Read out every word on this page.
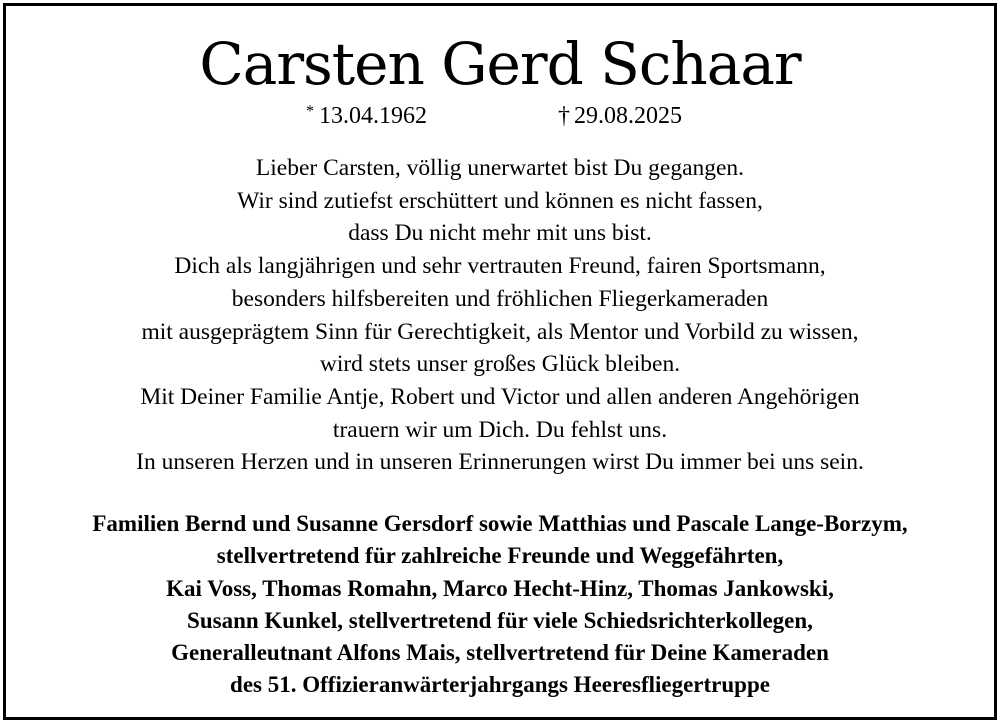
Carsten Gerd Schaar
* 13.04.1962	† 29.08.2025
Lieber Carsten, völlig unerwartet bist Du gegangen.
Wir sind zutiefst erschüttert und können es nicht fassen,
dass Du nicht mehr mit uns bist.
Dich als langjährigen und sehr vertrauten Freund, fairen Sportsmann,
besonders hilfsbereiten und fröhlichen Fliegerkameraden
mit ausgeprägtem Sinn für Gerechtigkeit, als Mentor und Vorbild zu wissen,
wird stets unser großes Glück bleiben.
Mit Deiner Familie Antje, Robert und Victor und allen anderen Angehörigen
trauern wir um Dich. Du fehlst uns.
In unseren Herzen und in unseren Erinnerungen wirst Du immer bei uns sein.
Familien Bernd und Susanne Gersdorf sowie Matthias und Pascale Lange-Borzym,
stellvertretend für zahlreiche Freunde und Weggefährten,
Kai Voss, Thomas Romahn, Marco Hecht-Hinz, Thomas Jankowski,
Susann Kunkel, stellvertretend für viele Schiedsrichterkollegen,
Generalleutnant Alfons Mais, stellvertretend für Deine Kameraden
des 51. Offizieranwärterjahrgangs Heeresfliegertruppe
